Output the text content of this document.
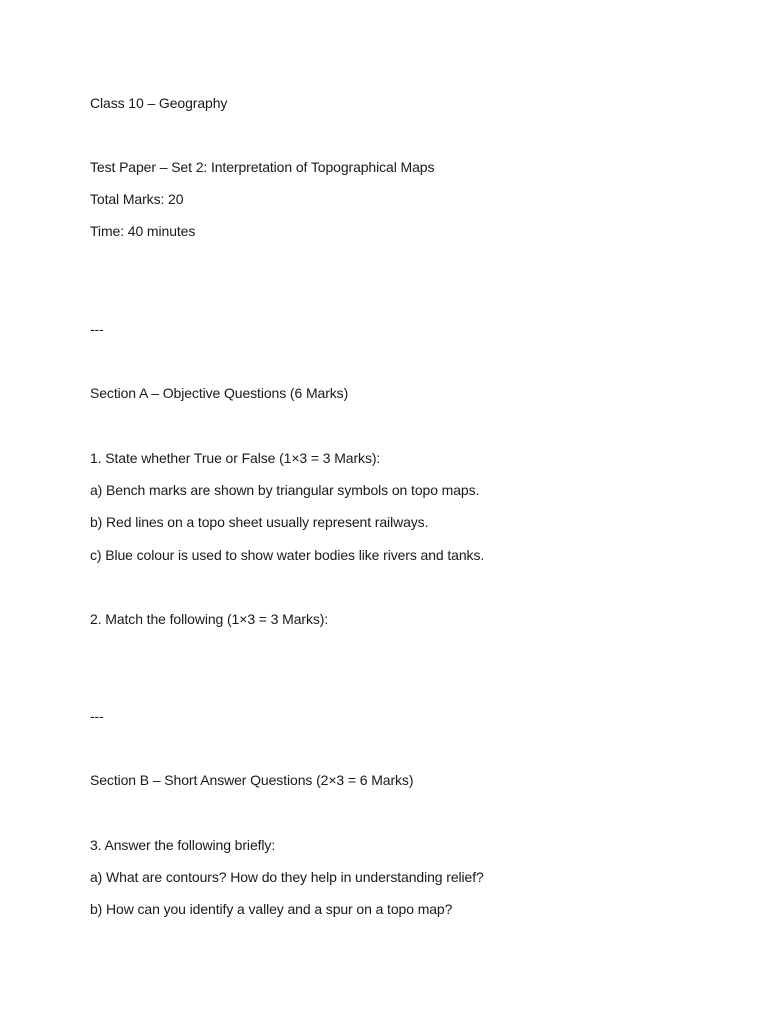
Class 10 – Geography
Test Paper – Set 2: Interpretation of Topographical Maps
Total Marks: 20
Time: 40 minutes
---
Section A – Objective Questions (6 Marks)
1. State whether True or False (1×3 = 3 Marks):
a) Bench marks are shown by triangular symbols on topo maps.
b) Red lines on a topo sheet usually represent railways.
c) Blue colour is used to show water bodies like rivers and tanks.
2. Match the following (1×3 = 3 Marks):
---
Section B – Short Answer Questions (2×3 = 6 Marks)
3. Answer the following briefly:
a) What are contours? How do they help in understanding relief?
b) How can you identify a valley and a spur on a topo map?
